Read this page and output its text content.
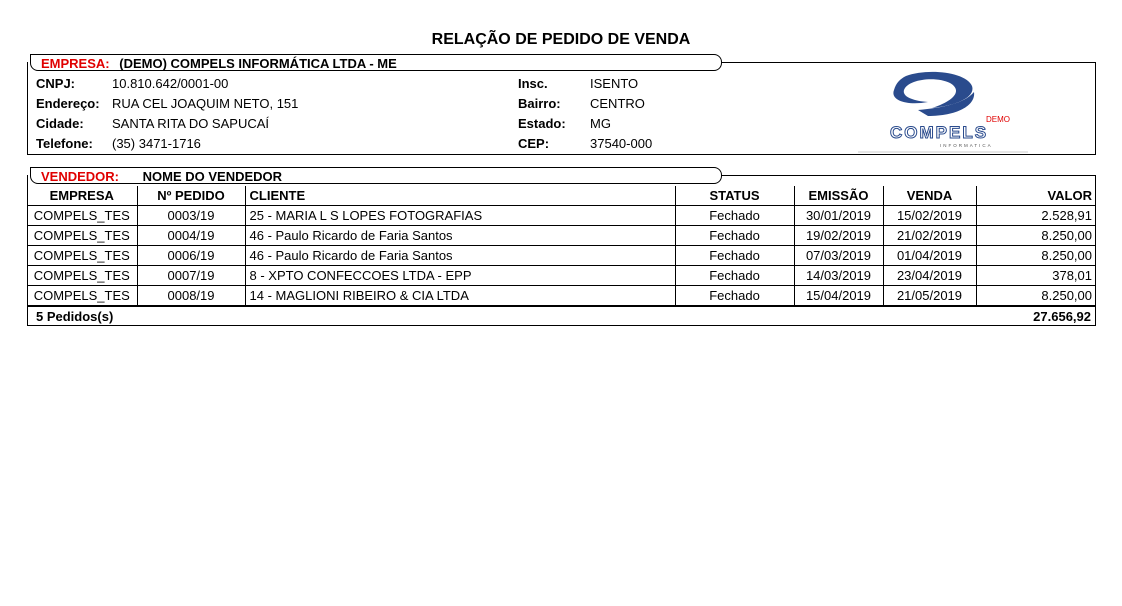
RELAÇÃO DE PEDIDO DE VENDA
EMPRESA: (DEMO) COMPELS INFORMÁTICA LTDA - ME
CNPJ:	10.810.642/0001-00
Endereço: RUA CEL JOAQUIM NETO, 151
Cidade: SANTA RITA DO SAPUCAÍ
Telefone: (35) 3471-1716
Insc.	ISENTO
Bairro: CENTRO
Estado: MG
CEP:	37540-000
DEMO
COMPELS
INFORMATICA
VENDEDOR: NOME DO VENDEDOR
EMPRESA	Nº PEDIDO	CLIENTE	STATUS	EMISSÃO	VENDA	VALOR
COMPELS_TES	0003/19	25 - MARIA L S LOPES FOTOGRAFIAS	Fechado	30/01/2019	15/02/2019	2.528,91
COMPELS_TES	0004/19	46 - Paulo Ricardo de Faria Santos	Fechado	19/02/2019	21/02/2019	8.250,00
COMPELS_TES	0006/19	46 - Paulo Ricardo de Faria Santos	Fechado	07/03/2019	01/04/2019	8.250,00
COMPELS_TES	0007/19	8 - XPTO CONFECCOES LTDA - EPP	Fechado	14/03/2019	23/04/2019	378,01
COMPELS_TES	0008/19	14 - MAGLIONI RIBEIRO & CIA LTDA	Fechado	15/04/2019	21/05/2019	8.250,00
5 Pedidos(s)	27.656,92
